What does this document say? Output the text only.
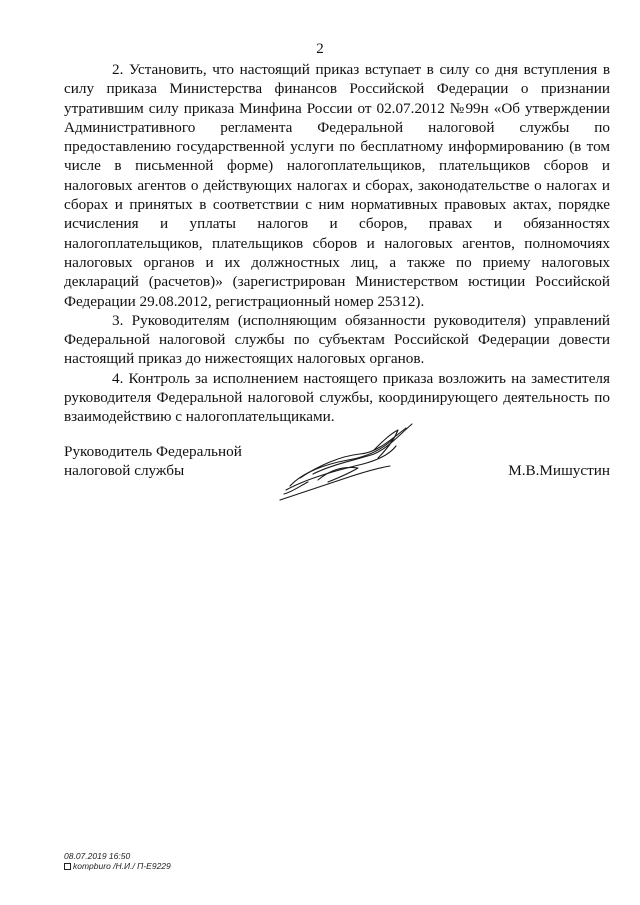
2

2. Установить, что настоящий приказ вступает в силу со дня вступления в силу приказа Министерства финансов Российской Федерации о признании утратившим силу приказа Минфина России от 02.07.2012 №99н «Об утверждении Административного регламента Федеральной налоговой службы по предоставлению государственной услуги по бесплатному информированию (в том числе в письменной форме) налогоплательщиков, плательщиков сборов и налоговых агентов о действующих налогах и сборах, законодательстве о налогах и сборах и принятых в соответствии с ним нормативных правовых актах, порядке исчисления и уплаты налогов и сборов, правах и обязанностях налогоплательщиков, плательщиков сборов и налоговых агентов, полномочиях налоговых органов и их должностных лиц, а также по приему налоговых деклараций (расчетов)» (зарегистрирован Министерством юстиции Российской Федерации 29.08.2012, регистрационный номер 25312).

3. Руководителям (исполняющим обязанности руководителя) управлений Федеральной налоговой службы по субъектам Российской Федерации довести настоящий приказ до нижестоящих налоговых органов.

4. Контроль за исполнением настоящего приказа возложить на заместителя руководителя Федеральной налоговой службы, координирующего деятельность по взаимодействию с налогоплательщиками.

Руководитель Федеральной
налоговой службы	М.В.Мишустин
08.07.2019 16:50
kompburo /Н.И./ П-Е9229
